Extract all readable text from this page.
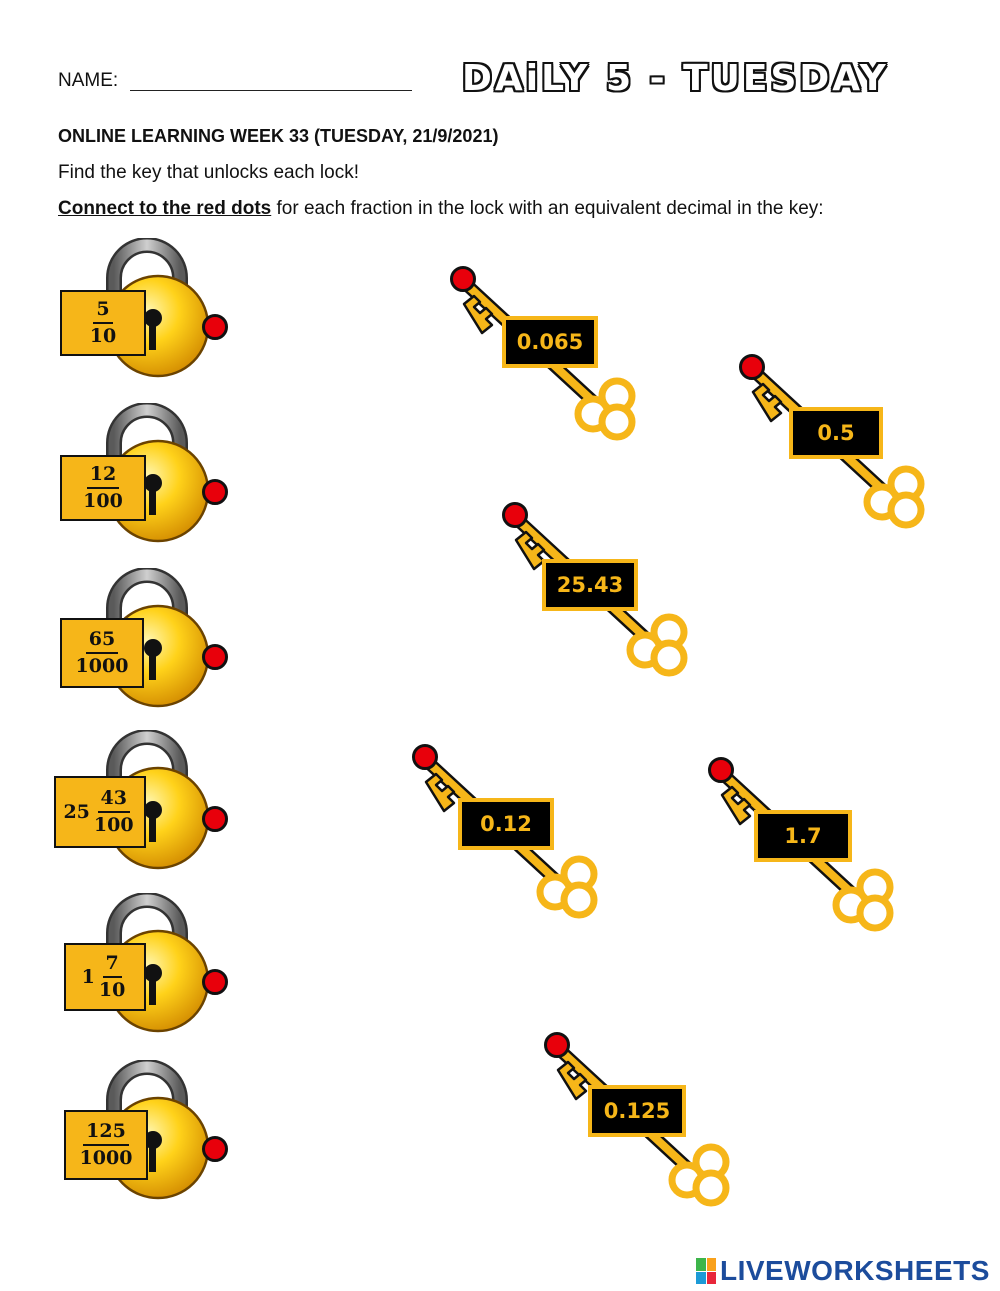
NAME:	DAiLY 5 - TUESDAY
ONLINE LEARNING WEEK 33 (TUESDAY, 21/9/2021)
Find the key that unlocks each lock!
Connect to the red dots for each fraction in the lock with an equivalent decimal in the key:
$\frac{5}{10}$
$\frac{12}{100}$
$\frac{65}{1000}$
$25 \frac{43}{100}$
$1 \frac{7}{10}$
$\frac{125}{1000}$
0.065
0.5
25.43
0.12	1.7
0.125
LIVEWORKSHEETS
